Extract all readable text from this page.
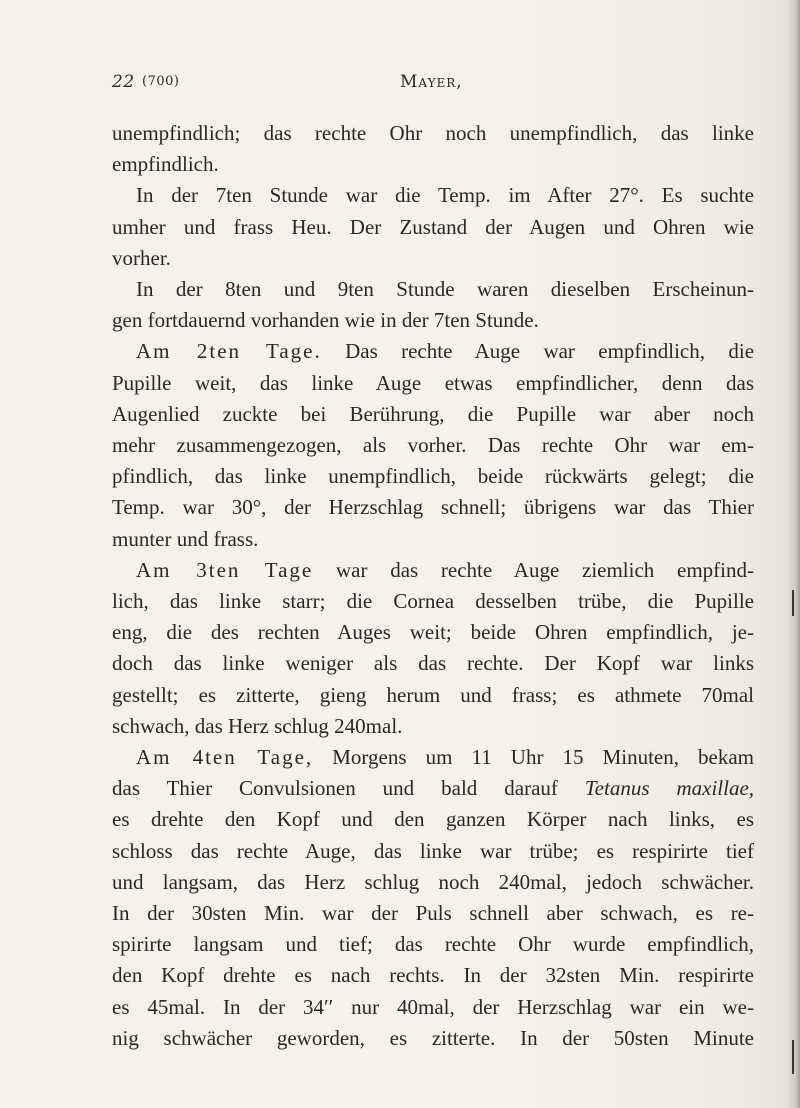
22 (700)	Mayer,
unempfindlich; das rechte Ohr noch unempfindlich, das linke
empfindlich.
In der 7ten Stunde war die Temp. im After 27°. Es suchte
umher und frass Heu. Der Zustand der Augen und Ohren wie
vorher.
In der 8ten und 9ten Stunde waren dieselben Erscheinun-
gen fortdauernd vorhanden wie in der 7ten Stunde.
Am 2ten Tage. Das rechte Auge war empfindlich, die
Pupille weit, das linke Auge etwas empfindlicher, denn das
Augenlied zuckte bei Berührung, die Pupille war aber noch
mehr zusammengezogen, als vorher. Das rechte Ohr war em-
pfindlich, das linke unempfindlich, beide rückwärts gelegt; die
Temp. war 30°, der Herzschlag schnell; übrigens war das Thier
munter und frass.
Am 3ten Tage war das rechte Auge ziemlich empfind-
lich, das linke starr; die Cornea desselben trübe, die Pupille
eng, die des rechten Auges weit; beide Ohren empfindlich, je-
doch das linke weniger als das rechte. Der Kopf war links
gestellt; es zitterte, gieng herum und frass; es athmete 70mal
schwach, das Herz schlug 240mal.
Am 4ten Tage, Morgens um 11 Uhr 15 Minuten, bekam
das Thier Convulsionen und bald darauf Tetanus maxillae,
es drehte den Kopf und den ganzen Körper nach links, es
schloss das rechte Auge, das linke war trübe; es respirirte tief
und langsam, das Herz schlug noch 240mal, jedoch schwächer.
In der 30sten Min. war der Puls schnell aber schwach, es re-
spirirte langsam und tief; das rechte Ohr wurde empfindlich,
den Kopf drehte es nach rechts. In der 32sten Min. respirirte
es 45mal. In der 34′′ nur 40mal, der Herzschlag war ein we-
nig schwächer geworden, es zitterte. In der 50sten Minute
